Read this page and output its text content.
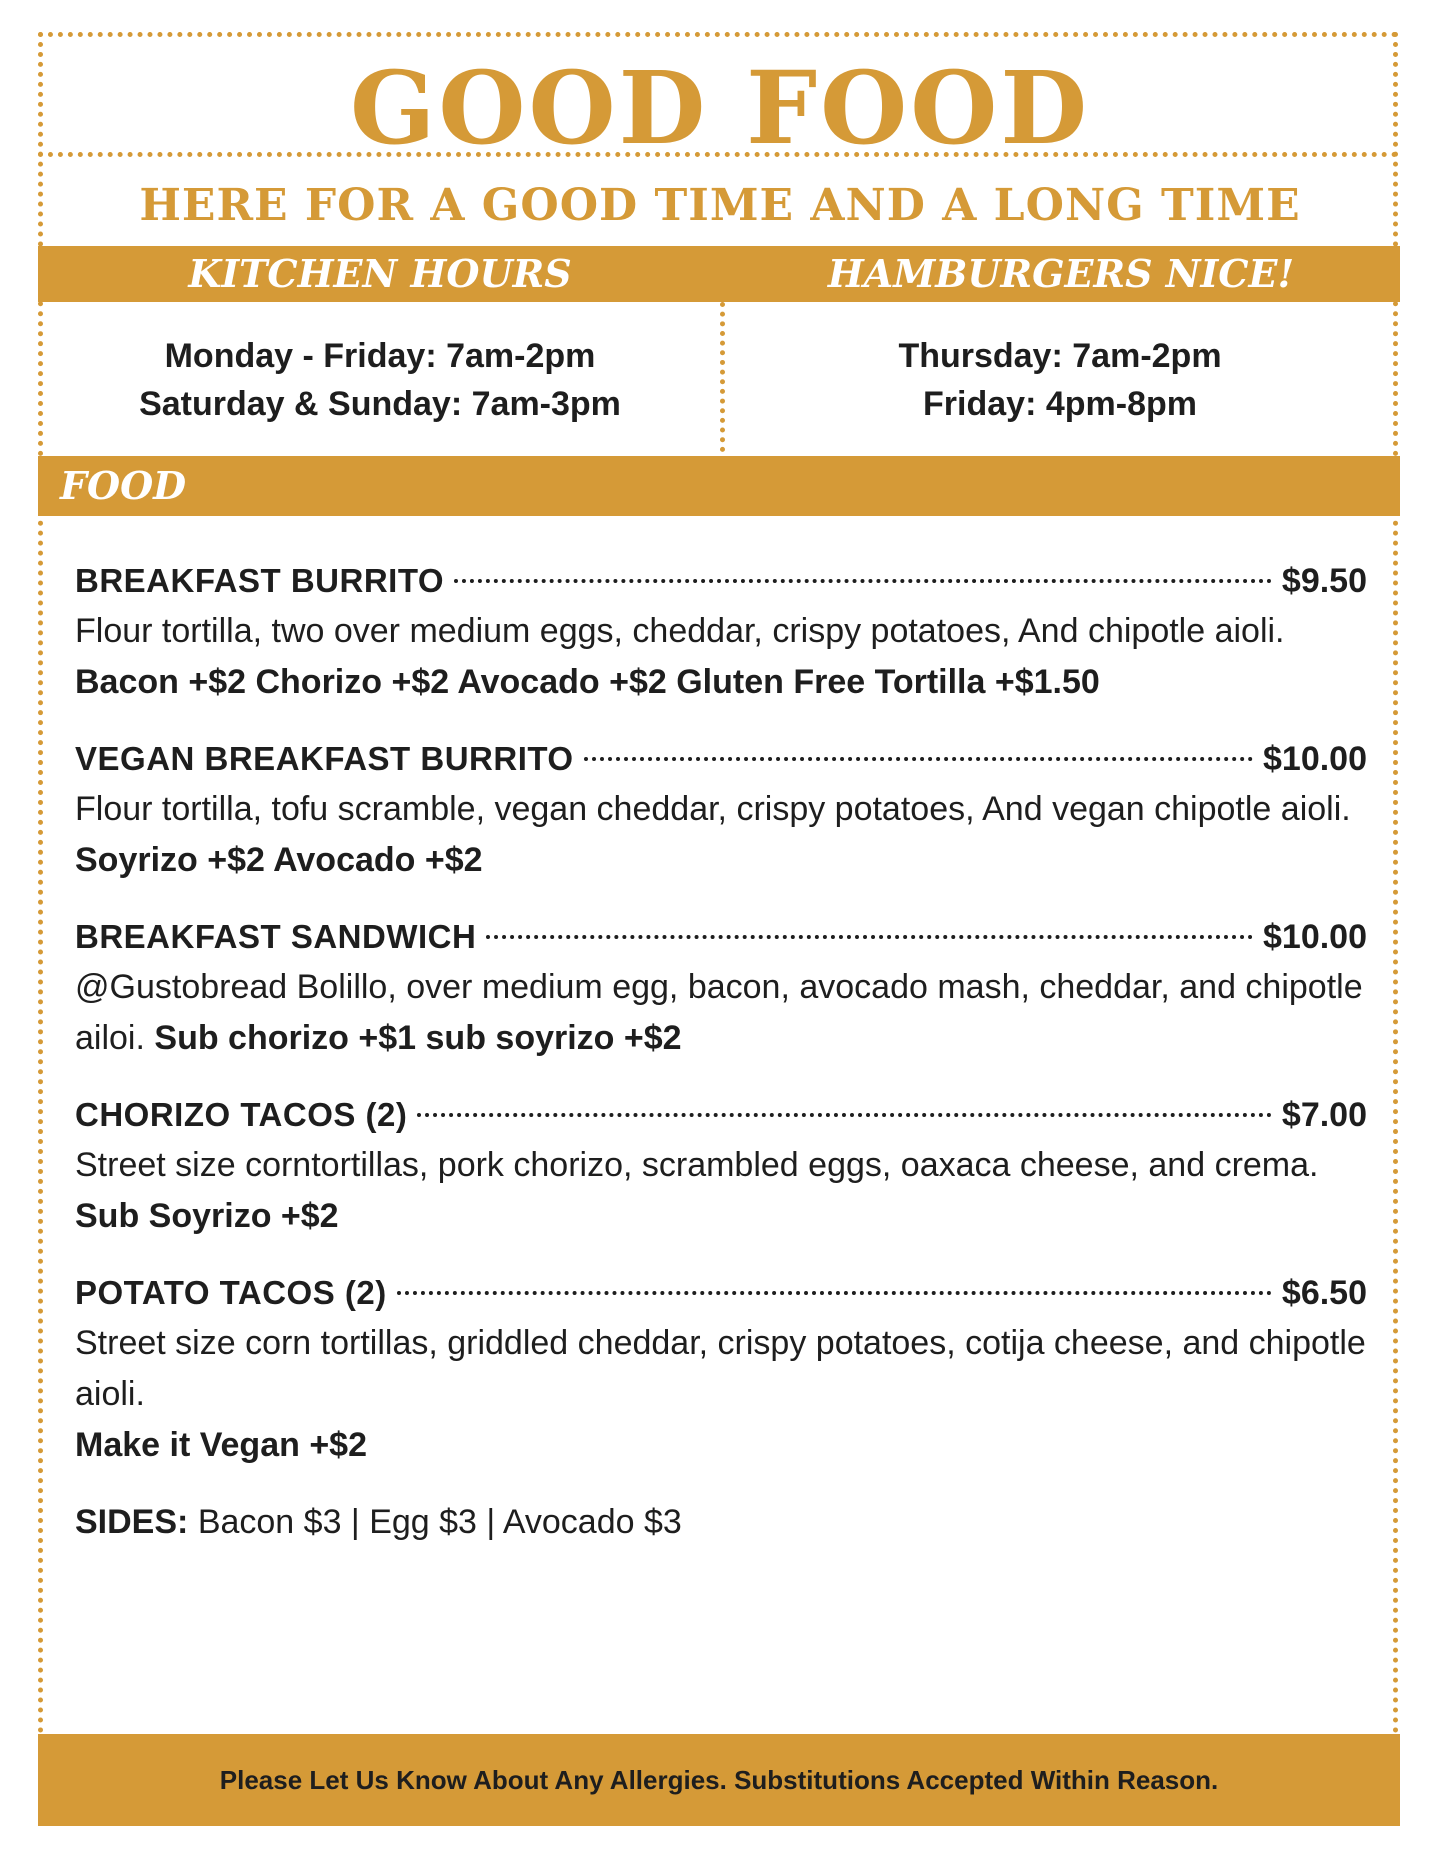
GOOD FOOD
HERE FOR A GOOD TIME AND A LONG TIME
KITCHEN HOURS	HAMBURGERS NICE!
Monday - Friday: 7am-2pm
Saturday & Sunday: 7am-3pm
Thursday: 7am-2pm
Friday: 4pm-8pm
FOOD
BREAKFAST BURRITO	$9.50
Flour tortilla, two over medium eggs, cheddar, crispy potatoes, And chipotle aioli.
Bacon +$2 Chorizo +$2 Avocado +$2 Gluten Free Tortilla +$1.50
VEGAN BREAKFAST BURRITO	$10.00
Flour tortilla, tofu scramble, vegan cheddar, crispy potatoes, And vegan chipotle aioli.
Soyrizo +$2 Avocado +$2
BREAKFAST SANDWICH	$10.00
@Gustobread Bolillo, over medium egg, bacon, avocado mash, cheddar, and chipotle ailoi. Sub chorizo +$1 sub soyrizo +$2
CHORIZO TACOS (2)	$7.00
Street size corntortillas, pork chorizo, scrambled eggs, oaxaca cheese, and crema.
Sub Soyrizo +$2
POTATO TACOS (2)	$6.50
Street size corn tortillas, griddled cheddar, crispy potatoes, cotija cheese, and chipotle aioli.
Make it Vegan +$2
SIDES: Bacon $3 | Egg $3 | Avocado $3
Please Let Us Know About Any Allergies. Substitutions Accepted Within Reason.
